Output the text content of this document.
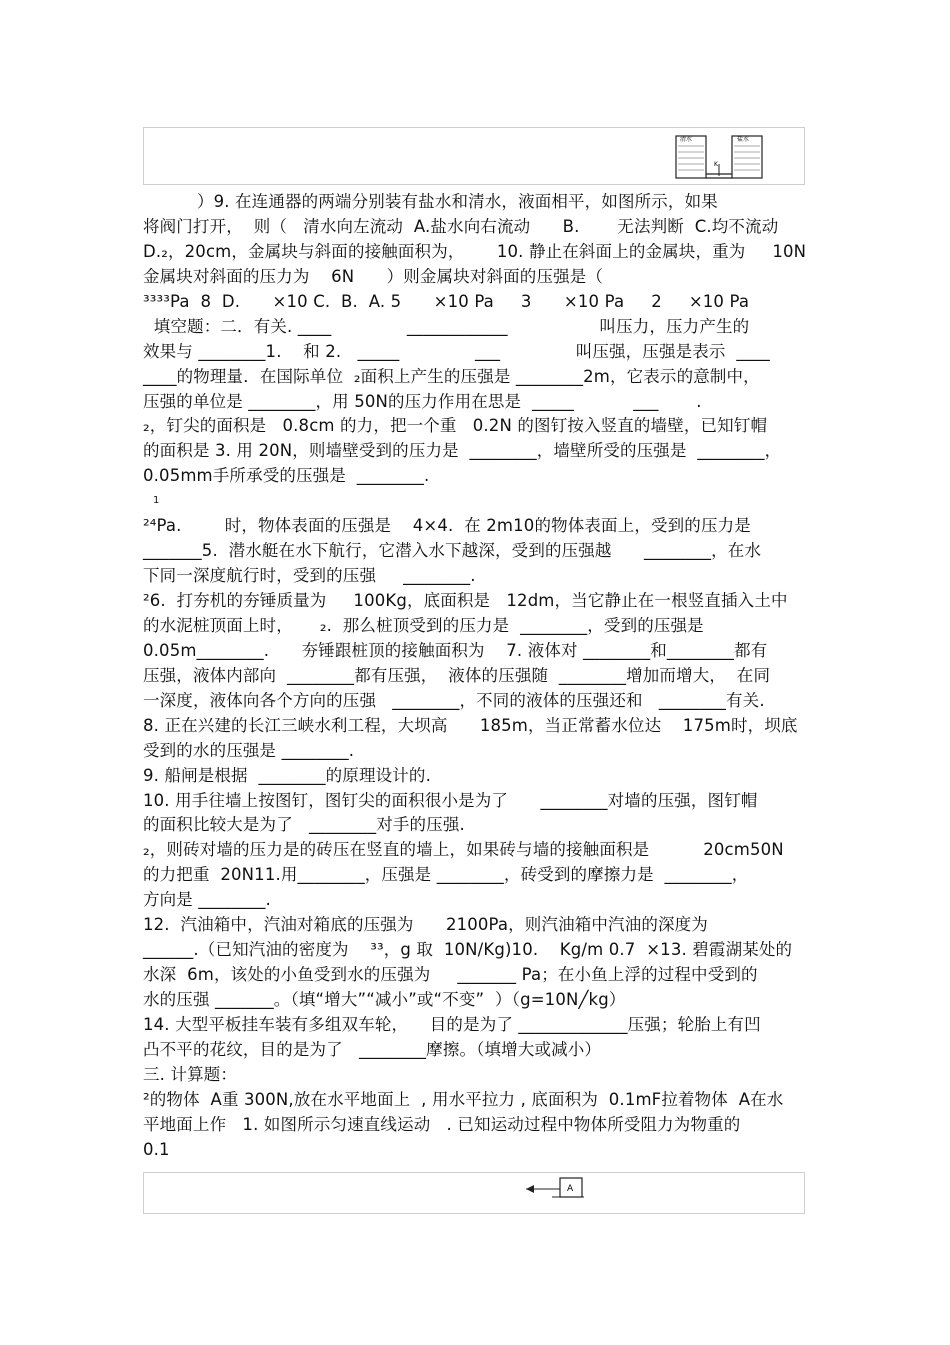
清水	盐水
K
）9. 在连通器的两端分别装有盐水和清水，液面相平，如图所示，如果
将阀门打开，  则（   清水向左流动  A.盐水向右流动      B.       无法判断  C.均不流动
D.₂，20cm，金属块与斜面的接触面积为，      10. 静止在斜面上的金属块，重为     10N
金属块对斜面的压力为    6N      ）则金属块对斜面的压强是（
³³³³Pa  8  D.      ×10 C.  B.  A. 5      ×10 Pa     3      ×10 Pa     2     ×10 Pa
填空题：二．有关. ____              ____________                 叫压力，压力产生的
效果与 ________1.    和 2.   _____              ___              叫压强，压强是表示  ____
____的物理量．在国际单位  ₂面积上产生的压强是 ________2m，它表示的意制中，
压强的单位是 ________，用 50N的压力作用在思是  _____           ___       .
₂，钉尖的面积是   0.8cm 的力，把一个重   0.2N 的图钉按入竖直的墙壁，已知钉帽
的面积是 3. 用 20N，则墙壁受到的压力是  ________，墙壁所受的压强是  ________，
0.05mm手所承受的压强是  ________.
1
²⁴Pa.        时，物体表面的压强是    4×4.  在 2m10的物体表面上，受到的压力是
_______5.  潜水艇在水下航行，它潜入水下越深，受到的压强越      ________，在水
下同一深度航行时，受到的压强     ________.
²6.  打夯机的夯锤质量为     100Kg，底面积是   12dm，当它静止在一根竖直插入土中
的水泥桩顶面上时，     ₂.  那么桩顶受到的压力是  ________，受到的压强是
0.05m________.      夯锤跟桩顶的接触面积为    7. 液体对 ________和________都有
压强，液体内部向  ________都有压强，  液体的压强随  ________增加而增大，  在同
一深度，液体向各个方向的压强   ________，不同的液体的压强还和   ________有关.
8. 正在兴建的长江三峡水利工程，大坝高      185m，当正常蓄水位达    175m时，坝底
受到的水的压强是 ________.
9. 船闸是根据  ________的原理设计的.
10. 用手往墙上按图钉，图钉尖的面积很小是为了      ________对墙的压强，图钉帽
的面积比较大是为了   ________对手的压强.
₂，则砖对墙的压力是的砖压在竖直的墙上，如果砖与墙的接触面积是          20cm50N
的力把重  20N11.用________，压强是 ________，砖受到的摩擦力是  ________，
方向是 ________.
12.  汽油箱中，汽油对箱底的压强为      2100Pa，则汽油箱中汽油的深度为
______.（已知汽油的密度为    ³³，g 取  10N/Kg)10.    Kg/m 0.7  ×13. 碧霞湖某处的
水深  6m，该处的小鱼受到水的压强为     _______ Pa；在小鱼上浮的过程中受到的
水的压强 _______。（填“增大”“减小”或“不变”  ）（g=10N╱kg）
14. 大型平板挂车装有多组双车轮，    目的是为了 _____________压强；轮胎上有凹
凸不平的花纹，目的是为了   ________摩擦。（填增大或减小）
三. 计算题：
²的物体  A重 300N,放在水平地面上  , 用水平拉力 , 底面积为  0.1mF拉着物体  A在水
平地面上作   1. 如图所示匀速直线运动   . 已知运动过程中物体所受阻力为物重的
0.1
A
